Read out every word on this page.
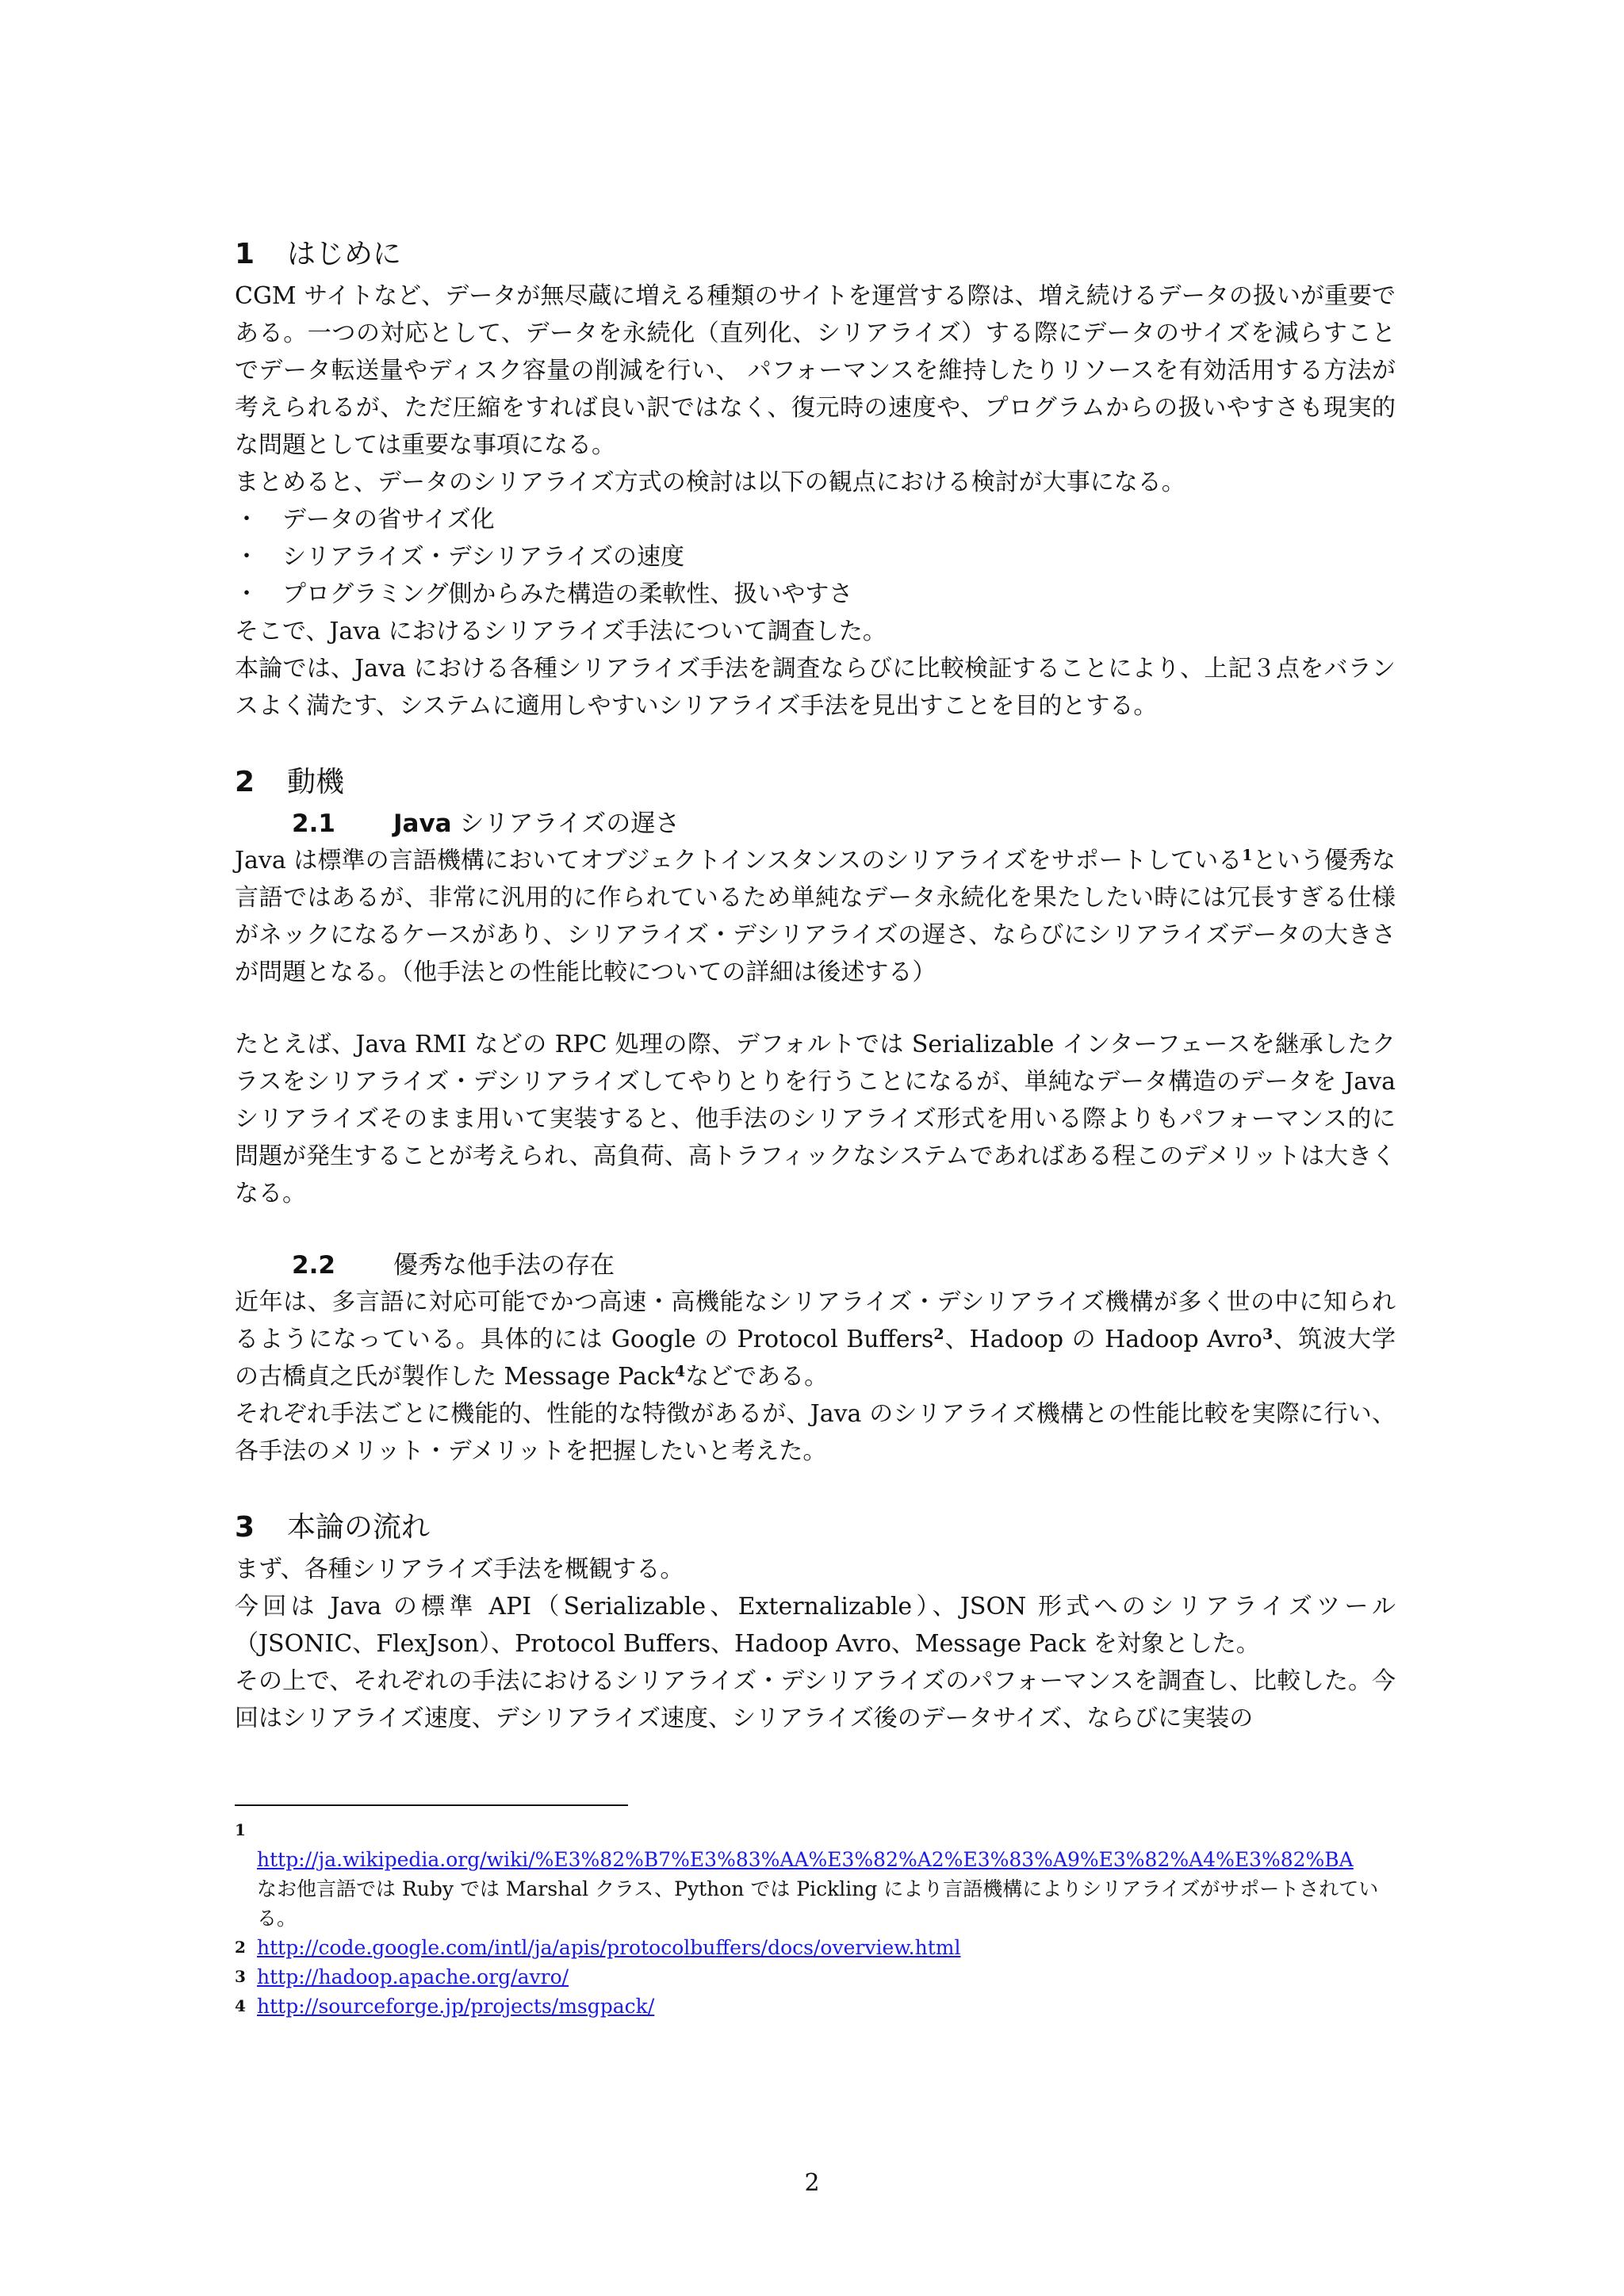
1 はじめに

CGM サイトなど、データが無尽蔵に増える種類のサイトを運営する際は、増え続けるデータの扱いが重要である。一つの対応として、データを永続化（直列化、シリアライズ）する際にデータのサイズを減らすことでデータ転送量やディスク容量の削減を行い、 パフォーマンスを維持したりリソースを有効活用する方法が考えられるが、ただ圧縮をすれば良い訳ではなく、復元時の速度や、プログラムからの扱いやすさも現実的な問題としては重要な事項になる。

まとめると、データのシリアライズ方式の検討は以下の観点における検討が大事になる。

・	データの省サイズ化
・	シリアライズ・デシリアライズの速度
・	プログラミング側からみた構造の柔軟性、扱いやすさ

そこで、Java におけるシリアライズ手法について調査した。

本論では、Java における各種シリアライズ手法を調査ならびに比較検証することにより、上記３点をバランスよく満たす、システムに適用しやすいシリアライズ手法を見出すことを目的とする。

2 動機
2.1 Java シリアライズの遅さ

Java は標準の言語機構においてオブジェクトインスタンスのシリアライズをサポートしている$^1$という優秀な言語ではあるが、非常に汎用的に作られているため単純なデータ永続化を果たしたい時には冗長すぎる仕様がネックになるケースがあり、シリアライズ・デシリアライズの遅さ、ならびにシリアライズデータの大きさが問題となる。（他手法との性能比較についての詳細は後述する）

たとえば、Java RMI などの RPC 処理の際、デフォルトでは Serializable インターフェースを継承したクラスをシリアライズ・デシリアライズしてやりとりを行うことになるが、単純なデータ構造のデータを Java シリアライズそのまま用いて実装すると、他手法のシリアライズ形式を用いる際よりもパフォーマンス的に問題が発生することが考えられ、高負荷、高トラフィックなシステムであればある程このデメリットは大きくなる。

2.2 優秀な他手法の存在

近年は、多言語に対応可能でかつ高速・高機能なシリアライズ・デシリアライズ機構が多く世の中に知られるようになっている。具体的には Google の Protocol Buffers$^2$、Hadoop の Hadoop Avro$^3$、筑波大学の古橋貞之氏が製作した Message Pack$^4$などである。

それぞれ手法ごとに機能的、性能的な特徴があるが、Java のシリアライズ機構との性能比較を実際に行い、各手法のメリット・デメリットを把握したいと考えた。

3 本論の流れ

まず、各種シリアライズ手法を概観する。

今回は Java の標準 API（Serializable、Externalizable）、JSON 形式へのシリアライズツール（JSONIC、FlexJson）、Protocol Buffers、Hadoop Avro、Message Pack を対象とした。

その上で、それぞれの手法におけるシリアライズ・デシリアライズのパフォーマンスを調査し、比較した。今回はシリアライズ速度、デシリアライズ速度、シリアライズ後のデータサイズ、ならびに実装の

1

http://ja.wikipedia.org/wiki/%E3%82%B7%E3%83%AA%E3%82%A2%E3%83%A9%E3%82%A4%E3%82%BA
なお他言語では Ruby では Marshal クラス、Python では Pickling により言語機構によりシリアライズがサポートされている。
2 http://code.google.com/intl/ja/apis/protocolbuffers/docs/overview.html
3 http://hadoop.apache.org/avro/
4 http://sourceforge.jp/projects/msgpack/
2
